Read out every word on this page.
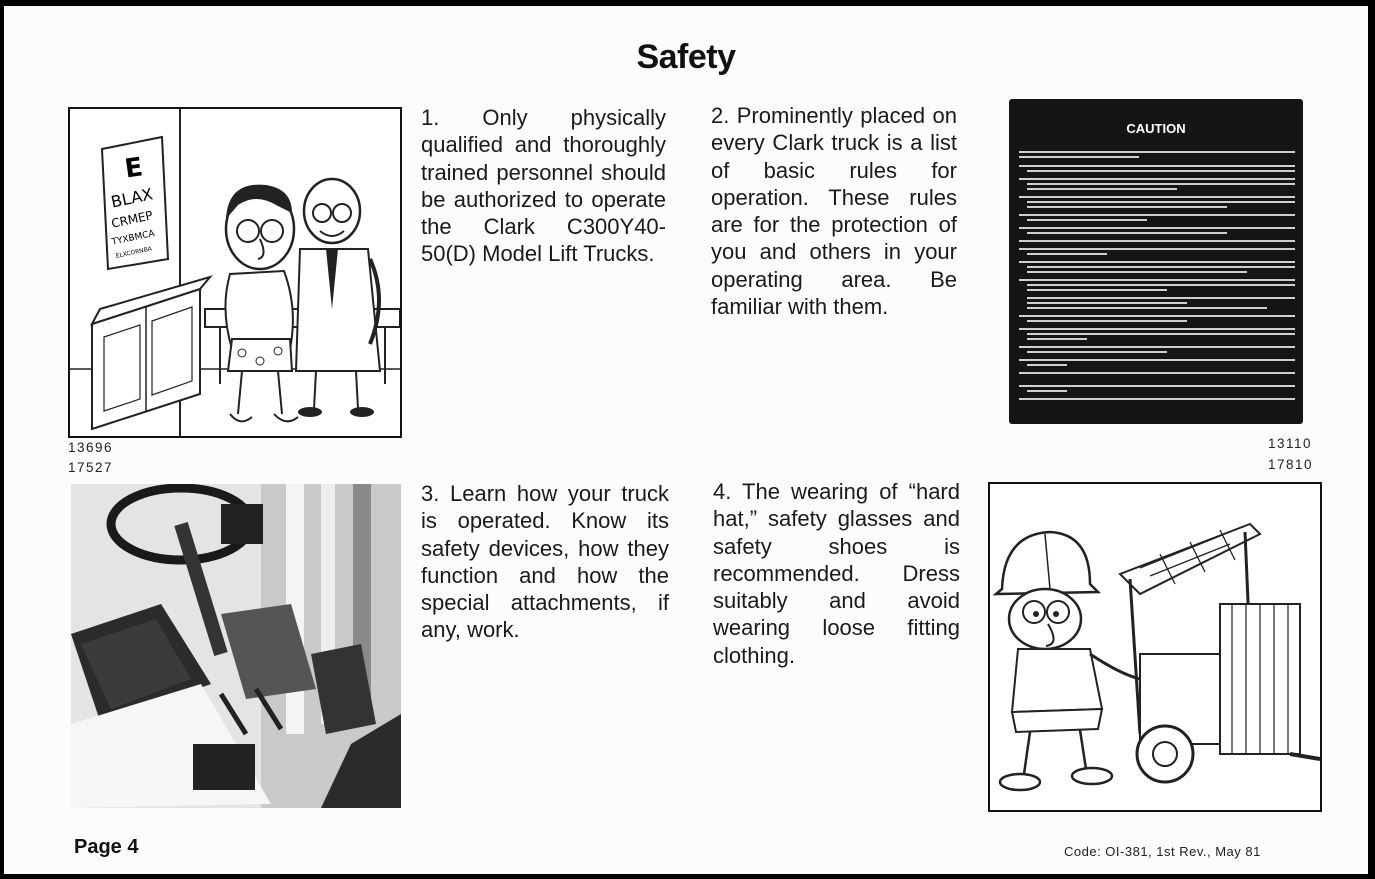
Safety
E
BLAX
CRMEP
TYXBMCA
ELXCORNBA
13696
17527
1. Only physically qualified and thoroughly trained personnel should be authorized to operate the Clark C300Y40-50(D) Model Lift Trucks.
2. Prominently placed on every Clark truck is a list of basic rules for operation. These rules are for the protection of you and others in your operating area. Be familiar with them.
CAUTION
13110
17810
3. Learn how your truck is operated. Know its safety devices, how they function and how the special attachments, if any, work.
4. The wearing of “hard hat,” safety glasses and safety shoes is recommended. Dress suitably and avoid wearing loose fitting clothing.
Page 4	Code: OI-381, 1st Rev., May 81
